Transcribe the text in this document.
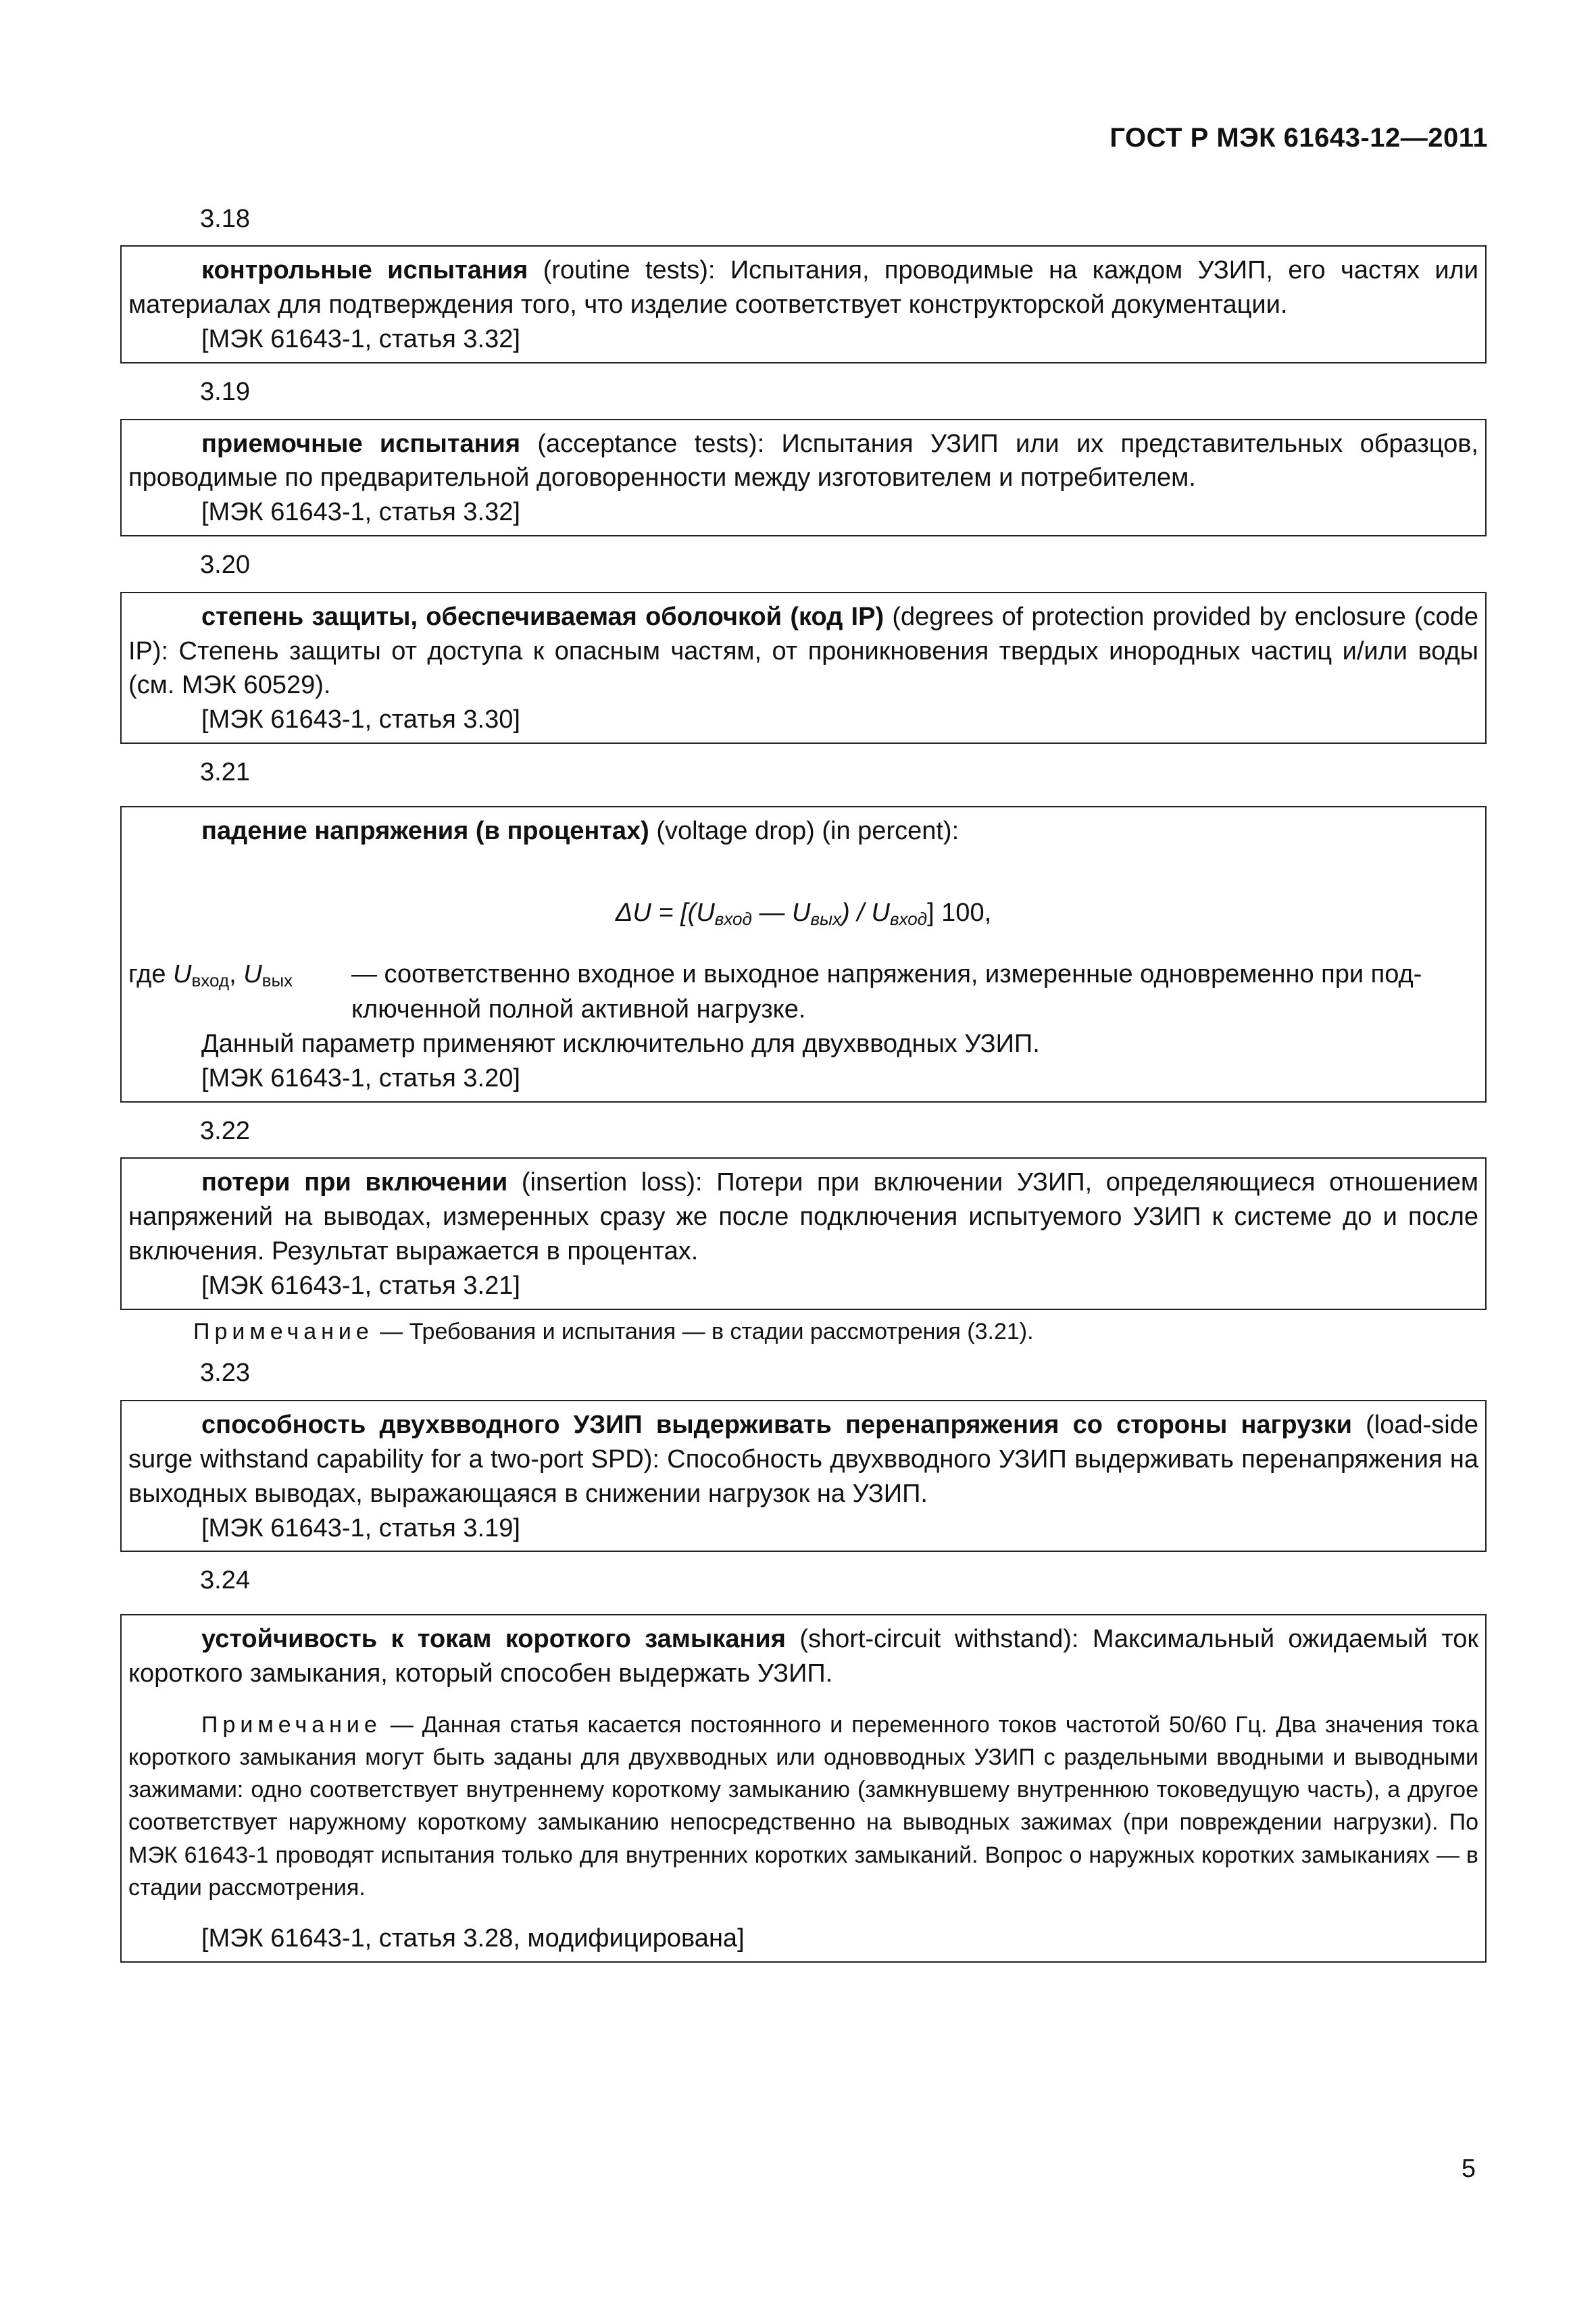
ГОСТ Р МЭК 61643-12—2011
3.18

контрольные испытания (routine tests): Испытания, проводимые на каждом УЗИП, его частях или материалах для подтверждения того, что изделие соответствует конструкторской документации.

[МЭК 61643-1, статья 3.32]

3.19

приемочные испытания (acceptance tests): Испытания УЗИП или их представительных образцов, проводимые по предварительной договоренности между изготовителем и потребителем.

[МЭК 61643-1, статья 3.32]

3.20

степень защиты, обеспечиваемая оболочкой (код IP) (degrees of protection provided by enclosure (code IP): Степень защиты от доступа к опасным частям, от проникновения твердых инородных частиц и/или воды (см. МЭК 60529).

[МЭК 61643-1, статья 3.30]

3.21

падение напряжения (в процентах) (voltage drop) (in percent):

$\Delta U = [(U_{вход}$ — $U_{вых}) / U_{вход}$] 100,

где $U_{вход}$, $U_{вых}$	— соответственно входное и выходное напряжения, измеренные одновременно при под-

ключенной полной активной нагрузке.

Данный параметр применяют исключительно для двухвводных УЗИП.

[МЭК 61643-1, статья 3.20]

3.22

потери при включении (insertion loss): Потери при включении УЗИП, определяющиеся отношением напряжений на выводах, измеренных сразу же после подключения испытуемого УЗИП к системе до и после включения. Результат выражается в процентах.

[МЭК 61643-1, статья 3.21]

Примечание — Требования и испытания — в стадии рассмотрения (3.21).

3.23

способность двухвводного УЗИП выдерживать перенапряжения со стороны нагрузки (load-side surge withstand capability for a two-port SPD): Способность двухвводного УЗИП выдерживать перенапряжения на выходных выводах, выражающаяся в снижении нагрузок на УЗИП.

[МЭК 61643-1, статья 3.19]

3.24

устойчивость к токам короткого замыкания (short-circuit withstand): Максимальный ожидаемый ток короткого замыкания, который способен выдержать УЗИП.

Примечание — Данная статья касается постоянного и переменного токов частотой 50/60 Гц. Два значения тока короткого замыкания могут быть заданы для двухвводных или одновводных УЗИП с раздельными вводными и выводными зажимами: одно соответствует внутреннему короткому замыканию (замкнувшему внутреннюю токоведущую часть), а другое соответствует наружному короткому замыканию непосредственно на выводных зажимах (при повреждении нагрузки). По МЭК 61643-1 проводят испытания только для внутренних коротких замыканий. Вопрос о наружных коротких замыканиях — в стадии рассмотрения.

[МЭК 61643-1, статья 3.28, модифицирована]

5
